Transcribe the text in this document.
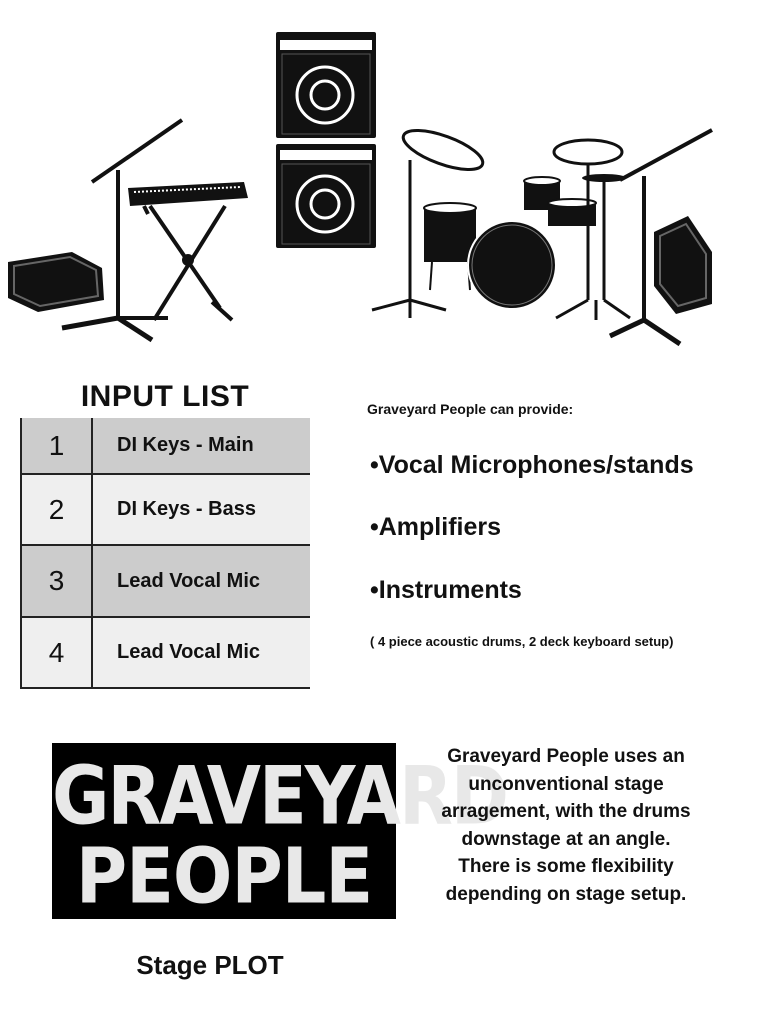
INPUT LIST
1	DI Keys - Main
2	DI Keys - Bass
3	Lead Vocal Mic
4	Lead Vocal Mic
Graveyard People can provide:
•Vocal Microphones/stands
•Amplifiers
•Instruments
( 4 piece acoustic drums, 2 deck keyboard setup)
GRAVEYARD
PEOPLE
Stage PLOT
Graveyard People uses an unconventional stage arragement, with the drums downstage at an angle. There is some flexibility depending on stage setup.
